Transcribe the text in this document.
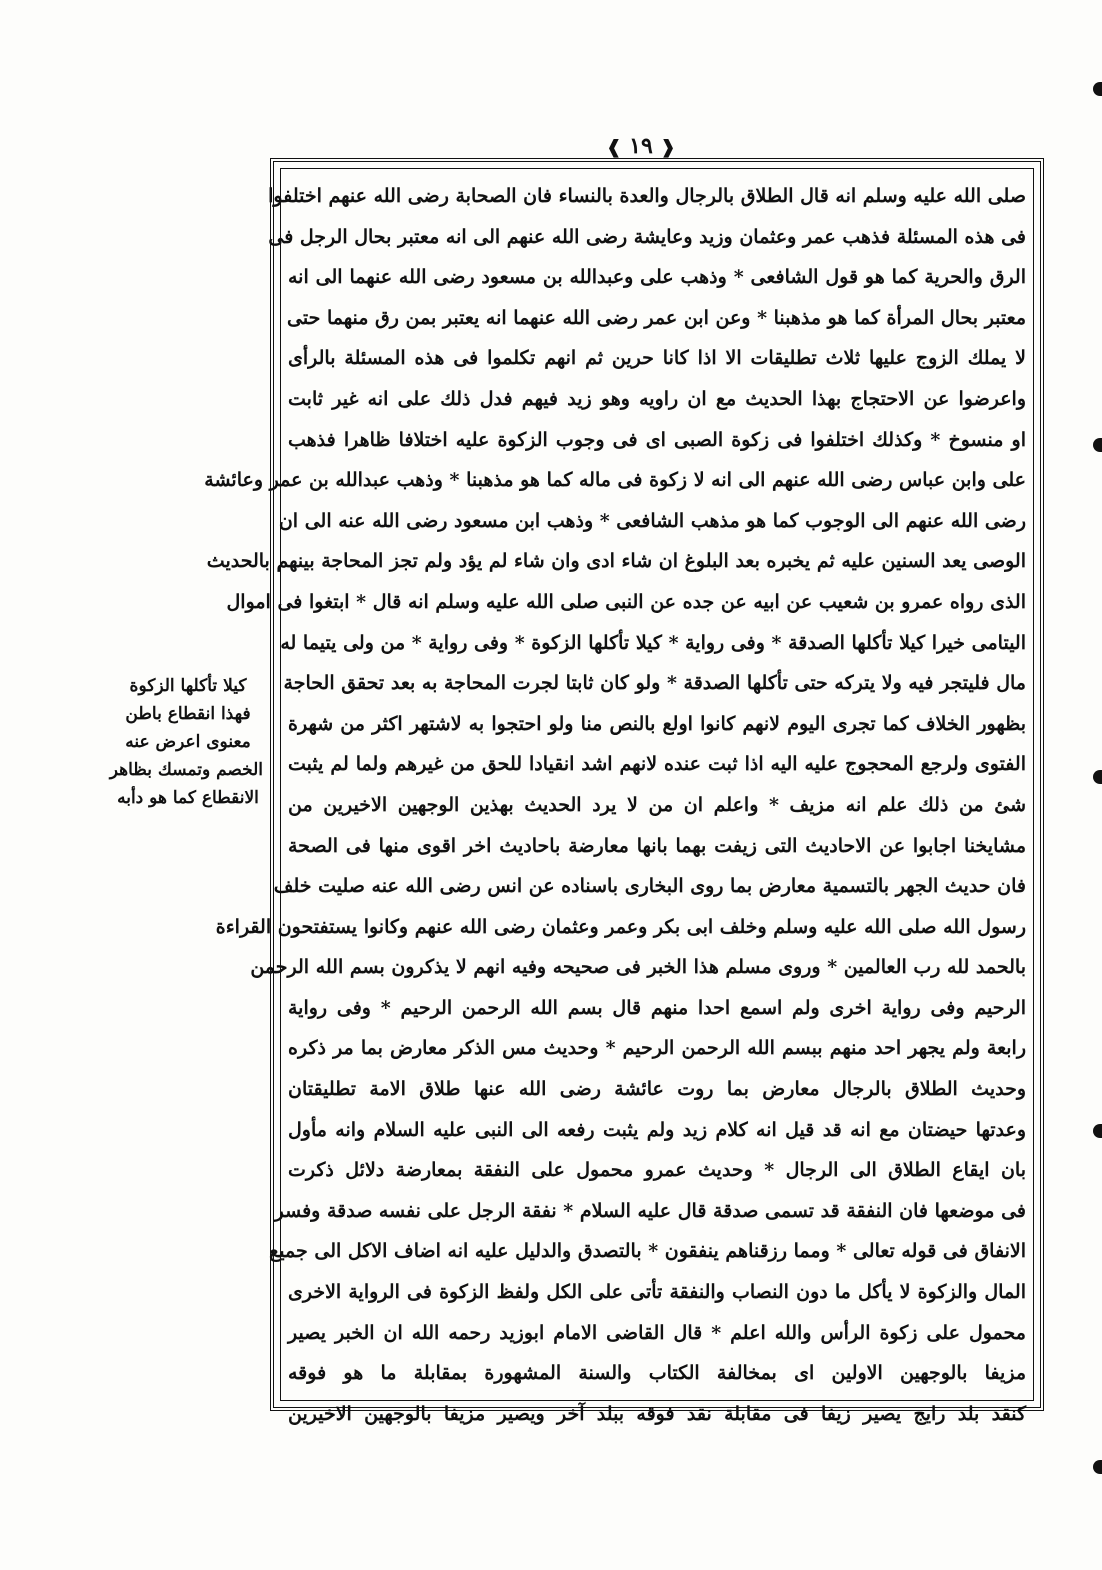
❰ ١٩ ❱
صلى الله عليه وسلم انه قال الطلاق بالرجال والعدة بالنساء فان الصحابة رضى الله عنهم اختلفوا
فى هذه المسئلة فذهب عمر وعثمان وزيد وعايشة رضى الله عنهم الى انه معتبر بحال الرجل فى
الرق والحرية كما هو قول الشافعى * وذهب على وعبدالله بن مسعود رضى الله عنهما الى انه
معتبر بحال المرأة كما هو مذهبنا * وعن ابن عمر رضى الله عنهما انه يعتبر بمن رق منهما حتى
لا يملك الزوج عليها ثلاث تطليقات الا اذا كانا حرين ثم انهم تكلموا فى هذه المسئلة بالرأى
واعرضوا عن الاحتجاج بهذا الحديث مع ان راويه وهو زيد فيهم فدل ذلك على انه غير ثابت
او منسوخ * وكذلك اختلفوا فى زكوة الصبى اى فى وجوب الزكوة عليه اختلافا ظاهرا فذهب
على وابن عباس رضى الله عنهم الى انه لا زكوة فى ماله كما هو مذهبنا * وذهب عبدالله بن عمر وعائشة
رضى الله عنهم الى الوجوب كما هو مذهب الشافعى * وذهب ابن مسعود رضى الله عنه الى ان
الوصى يعد السنين عليه ثم يخبره بعد البلوغ ان شاء ادى وان شاء لم يؤد ولم تجز المحاجة بينهم بالحديث
الذى رواه عمرو بن شعيب عن ابيه عن جده عن النبى صلى الله عليه وسلم انه قال * ابتغوا فى اموال
اليتامى خيرا كيلا تأكلها الصدقة * وفى رواية * كيلا تأكلها الزكوة * وفى رواية * من ولى يتيما له
مال فليتجر فيه ولا يتركه حتى تأكلها الصدقة * ولو كان ثابتا لجرت المحاجة به بعد تحقق الحاجة
بظهور الخلاف كما تجرى اليوم لانهم كانوا اولع بالنص منا ولو احتجوا به لاشتهر اكثر من شهرة
الفتوى ولرجع المحجوج عليه اليه اذا ثبت عنده لانهم اشد انقيادا للحق من غيرهم ولما لم يثبت
شئ من ذلك علم انه مزيف * واعلم ان من لا يرد الحديث بهذين الوجهين الاخيرين من
مشايخنا اجابوا عن الاحاديث التى زيفت بهما بانها معارضة باحاديث اخر اقوى منها فى الصحة
فان حديث الجهر بالتسمية معارض بما روى البخارى باسناده عن انس رضى الله عنه صليت خلف
رسول الله صلى الله عليه وسلم وخلف ابى بكر وعمر وعثمان رضى الله عنهم وكانوا يستفتحون القراءة
بالحمد لله رب العالمين * وروى مسلم هذا الخبر فى صحيحه وفيه انهم لا يذكرون بسم الله الرحمن
الرحيم وفى رواية اخرى ولم اسمع احدا منهم قال بسم الله الرحمن الرحيم * وفى رواية
رابعة ولم يجهر احد منهم ببسم الله الرحمن الرحيم * وحديث مس الذكر معارض بما مر ذكره
وحديث الطلاق بالرجال معارض بما روت عائشة رضى الله عنها طلاق الامة تطليقتان
وعدتها حيضتان مع انه قد قيل انه كلام زيد ولم يثبت رفعه الى النبى عليه السلام وانه مأول
بان ايقاع الطلاق الى الرجال * وحديث عمرو محمول على النفقة بمعارضة دلائل ذكرت
فى موضعها فان النفقة قد تسمى صدقة قال عليه السلام * نفقة الرجل على نفسه صدقة وفسر
الانفاق فى قوله تعالى * ومما رزقناهم ينفقون * بالتصدق والدليل عليه انه اضاف الاكل الى جميع
المال والزكوة لا يأكل ما دون النصاب والنفقة تأتى على الكل ولفظ الزكوة فى الرواية الاخرى
محمول على زكوة الرأس والله اعلم * قال القاضى الامام ابوزيد رحمه الله ان الخبر يصير
مزيفا بالوجهين الاولين اى بمخالفة الكتاب والسنة المشهورة بمقابلة ما هو فوقه
كنقد بلد رايج يصير زيفا فى مقابلة نقد فوقه ببلد آخر ويصير مزيفا بالوجهين الاخيرين
كيلا تأكلها الزكوة
فهذا انقطاع باطن
معنوى اعرض عنه
الخصم وتمسك بظاهر
الانقطاع كما هو دأبه
